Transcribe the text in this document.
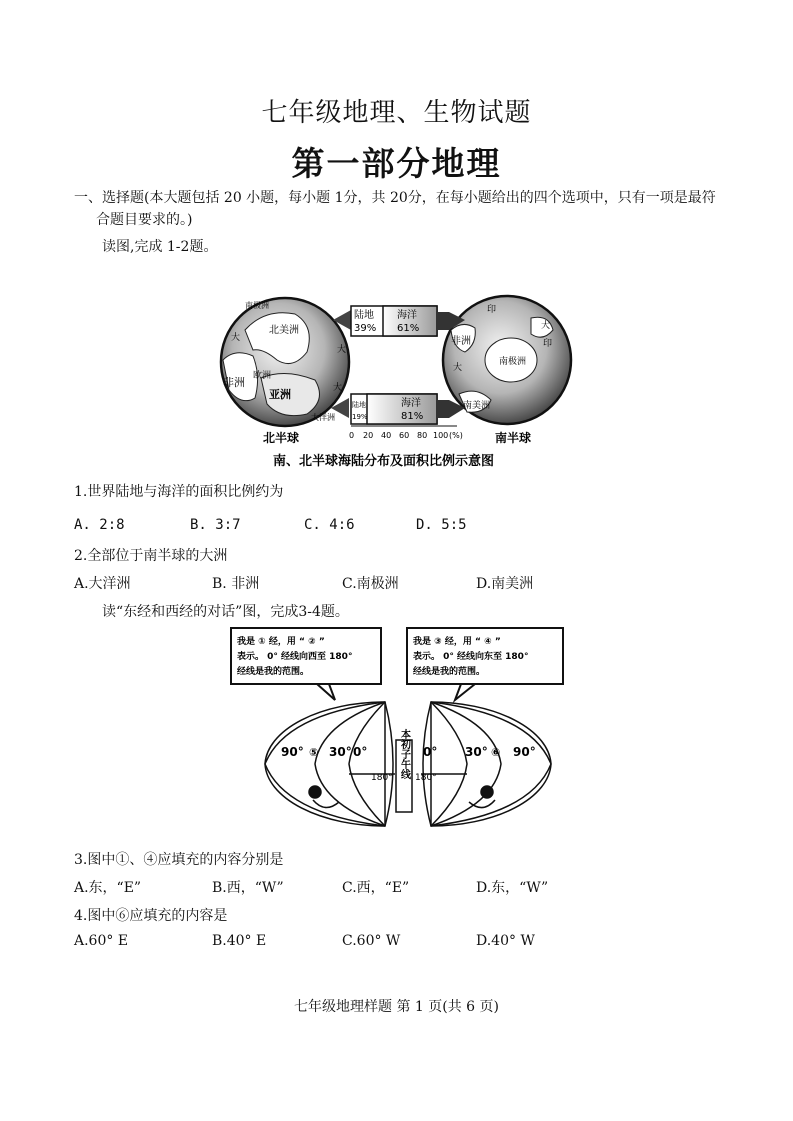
七年级地理、生物试题
第一部分地理
一、选择题(本大题包括 20 小题，每小题 1分，共 20分，在每小题给出的四个选项中，只有一项是最符
合题目要求的。)
读图,完成 1-2题。
北美洲
非洲
亚洲
欧洲
南极洲
大
大
大
大洋洲
北半球
南极洲
非洲
南美洲
印
大
大
印
南半球
陆地
39%
海洋
61%
陆地
19%
海洋
81%
0 20 40 60 80 100 (%)
南、北半球海陆分布及面积比例示意图
1.世界陆地与海洋的面积比例约为
A. 2:8	B. 3:7	C. 4:6	D. 5:5
2.全部位于南半球的大洲
A.大洋洲	B. 非洲	C.南极洲	D.南美洲
读“东经和西经的对话”图，完成3-4题。
我是 ① 经，用 “ ② ”
表示。 0° 经线向西至 180°
经线是我的范围。
我是 ③ 经，用 “ ④ ”
表示。 0° 经线向东至 180°
经线是我的范围。
本初子午线
90° ⑤ 30° 0°	0° 30° ⑥ 90°
180° 180°
3.图中①、④应填充的内容分别是
A.东，“E”	B.西，“W”	C.西，“E”	D.东，“W”
4.图中⑥应填充的内容是
A.60° E	B.40° E	C.60° W	D.40° W
七年级地理样题 第 1 页(共 6 页)
